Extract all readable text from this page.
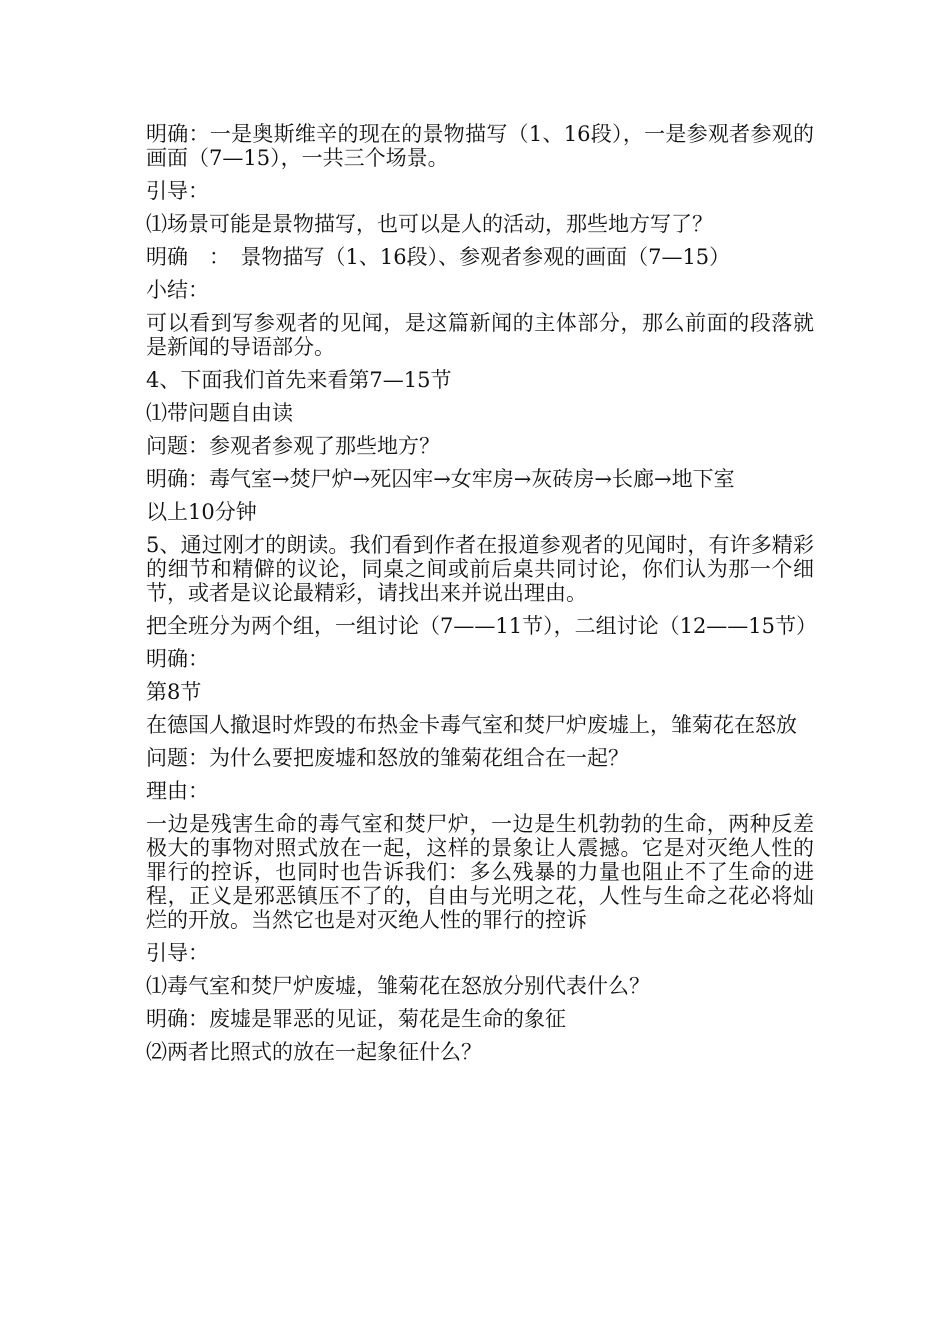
明确：一是奥斯维辛的现在的景物描写（1、16段），一是参观者参观的画面（7—15），一共三个场景。

引导：

⑴场景可能是景物描写，也可以是人的活动，那些地方写了？

明确　：　景物描写（1、16段）、参观者参观的画面（7—15）

小结：

可以看到写参观者的见闻，是这篇新闻的主体部分，那么前面的段落就是新闻的导语部分。

4、下面我们首先来看第7—15节

⑴带问题自由读

问题：参观者参观了那些地方？

明确：毒气室→焚尸炉→死囚牢→女牢房→灰砖房→长廊→地下室

以上10分钟

5、通过刚才的朗读。我们看到作者在报道参观者的见闻时，有许多精彩的细节和精僻的议论，同桌之间或前后桌共同讨论，你们认为那一个细节，或者是议论最精彩，请找出来并说出理由。

把全班分为两个组，一组讨论（7——11节），二组讨论（12——15节）

明确：

第8节

在德国人撤退时炸毁的布热金卡毒气室和焚尸炉废墟上，雏菊花在怒放

问题：为什么要把废墟和怒放的雏菊花组合在一起？

理由：

一边是残害生命的毒气室和焚尸炉，一边是生机勃勃的生命，两种反差极大的事物对照式放在一起，这样的景象让人震撼。它是对灭绝人性的罪行的控诉，也同时也告诉我们：多么残暴的力量也阻止不了生命的进程，正义是邪恶镇压不了的，自由与光明之花，人性与生命之花必将灿烂的开放。当然它也是对灭绝人性的罪行的控诉

引导：

⑴毒气室和焚尸炉废墟，雏菊花在怒放分别代表什么？

明确：废墟是罪恶的见证，菊花是生命的象征

⑵两者比照式的放在一起象征什么？
